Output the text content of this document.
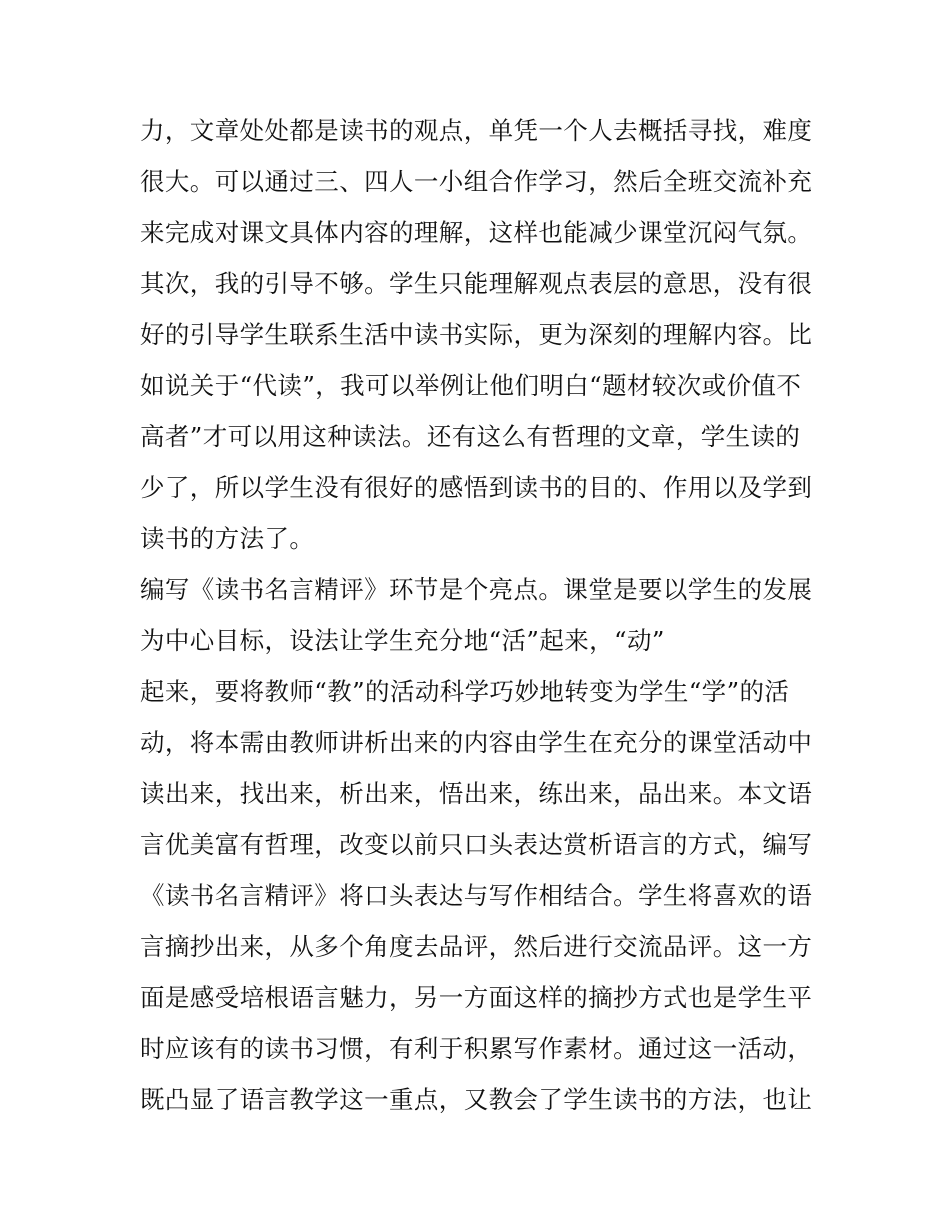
力，文章处处都是读书的观点，单凭一个人去概括寻找，难度
很大。可以通过三、四人一小组合作学习，然后全班交流补充
来完成对课文具体内容的理解，这样也能减少课堂沉闷气氛。
其次，我的引导不够。学生只能理解观点表层的意思，没有很
好的引导学生联系生活中读书实际，更为深刻的理解内容。比
如说关于“代读”，我可以举例让他们明白“题材较次或价值不
高者”才可以用这种读法。还有这么有哲理的文章，学生读的
少了，所以学生没有很好的感悟到读书的目的、作用以及学到
读书的方法了。
编写《读书名言精评》环节是个亮点。课堂是要以学生的发展
为中心目标，设法让学生充分地“活”起来，“动”
起来，要将教师“教”的活动科学巧妙地转变为学生“学”的活
动，将本需由教师讲析出来的内容由学生在充分的课堂活动中
读出来，找出来，析出来，悟出来，练出来，品出来。本文语
言优美富有哲理，改变以前只口头表达赏析语言的方式，编写
《读书名言精评》将口头表达与写作相结合。学生将喜欢的语
言摘抄出来，从多个角度去品评，然后进行交流品评。这一方
面是感受培根语言魅力，另一方面这样的摘抄方式也是学生平
时应该有的读书习惯，有利于积累写作素材。通过这一活动，
既凸显了语言教学这一重点，又教会了学生读书的方法，也让
